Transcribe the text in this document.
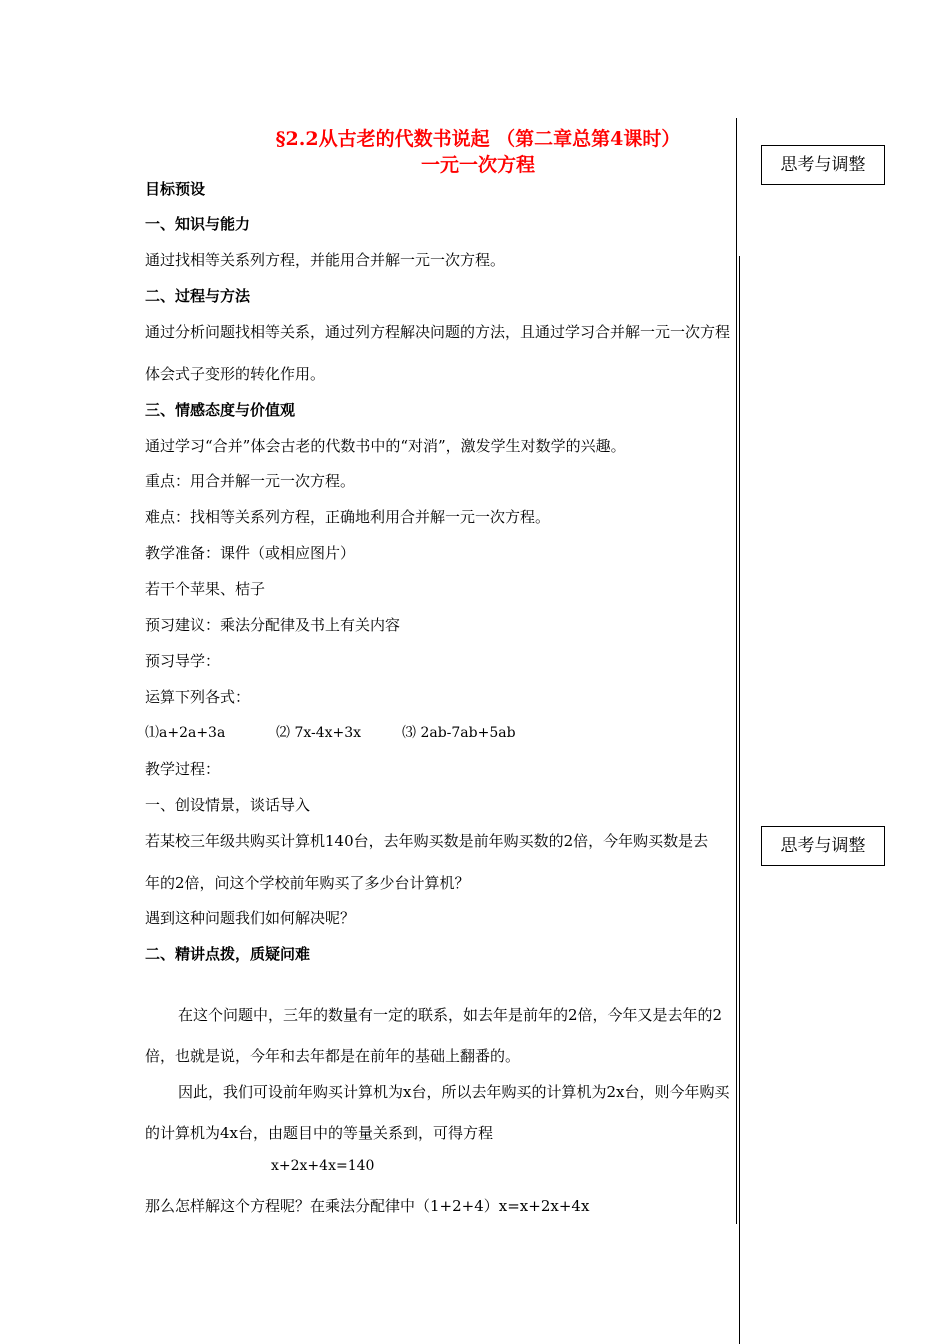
§2.2从古老的代数书说起 （第二章总第4课时）
一元一次方程	思考与调整
目标预设
一、知识与能力
通过找相等关系列方程，并能用合并解一元一次方程。
二、过程与方法
通过分析问题找相等关系，通过列方程解决问题的方法，且通过学习合并解一元一次方程
体会式子变形的转化作用。
三、情感态度与价值观
通过学习“合并”体会古老的代数书中的“对消”，激发学生对数学的兴趣。
重点：用合并解一元一次方程。
难点：找相等关系列方程，正确地利用合并解一元一次方程。
教学准备：课件（或相应图片）
若干个苹果、桔子
预习建议：乘法分配律及书上有关内容
预习导学：
运算下列各式：
⑴a+2a+3a	⑵ 7x-4x+3x	⑶ 2ab-7ab+5ab
教学过程：
一、创设情景，谈话导入
若某校三年级共购买计算机140台，去年购买数是前年购买数的2倍，今年购买数是去	思考与调整
年的2倍，问这个学校前年购买了多少台计算机？
遇到这种问题我们如何解决呢？
二、精讲点拨，质疑问难
在这个问题中，三年的数量有一定的联系，如去年是前年的2倍，今年又是去年的2
倍，也就是说，今年和去年都是在前年的基础上翻番的。
因此，我们可设前年购买计算机为x台，所以去年购买的计算机为2x台，则今年购买
的计算机为4x台，由题目中的等量关系到，可得方程
x+2x+4x=140
那么怎样解这个方程呢？在乘法分配律中（1+2+4）x=x+2x+4x
